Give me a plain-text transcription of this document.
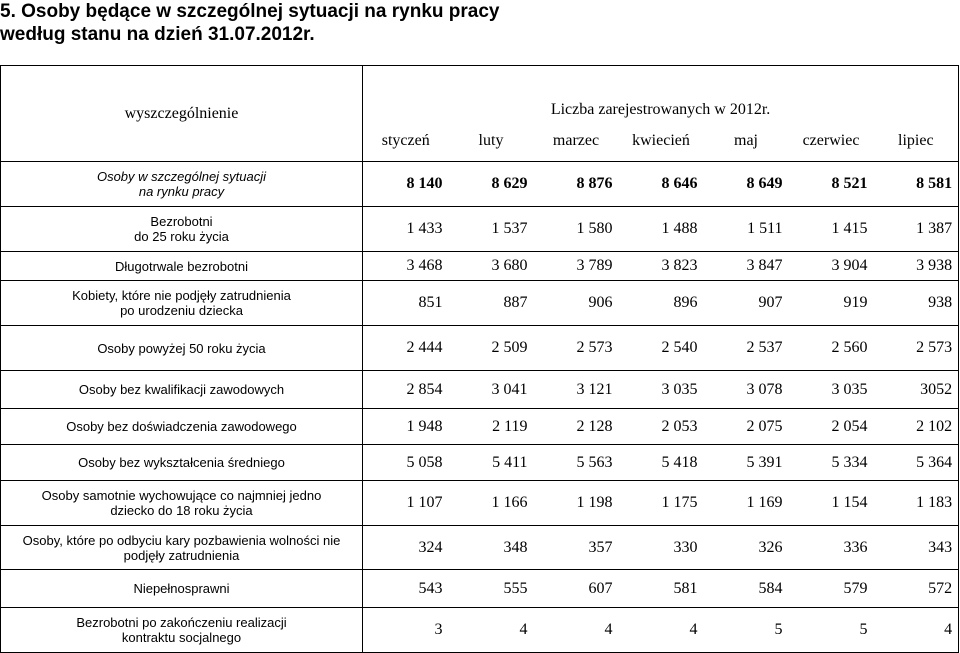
5. Osoby będące w szczególnej sytuacji na rynku pracy
według stanu na dzień 31.07.2012r.
wyszczególnienie	Liczba zarejestrowanych w 2012r.						
	styczeń	luty	marzec	kwiecień	maj	czerwiec	lipiec

Osoby w szczególnej sytuacji
na rynku pracy	8 140	8 629	8 876	8 646	8 649	8 521	8 581

Bezrobotni
do 25 roku życia	1 433	1 537	1 580	1 488	1 511	1 415	1 387

Długotrwale bezrobotni	3 468	3 680	3 789	3 823	3 847	3 904	3 938

Kobiety, które nie podjęły zatrudnienia
po urodzeniu dziecka	851	887	906	896	907	919	938

Osoby powyżej 50 roku życia	2 444	2 509	2 573	2 540	2 537	2 560	2 573

Osoby bez kwalifikacji zawodowych	2 854	3 041	3 121	3 035	3 078	3 035	3052

Osoby bez doświadczenia zawodowego	1 948	2 119	2 128	2 053	2 075	2 054	2 102

Osoby bez wykształcenia średniego	5 058	5 411	5 563	5 418	5 391	5 334	5 364

Osoby samotnie wychowujące co najmniej jedno
dziecko do 18 roku życia	1 107	1 166	1 198	1 175	1 169	1 154	1 183

Osoby, które po odbyciu kary pozbawienia wolności nie
podjęły zatrudnienia	324	348	357	330	326	336	343

Niepełnosprawni	543	555	607	581	584	579	572

Bezrobotni po zakończeniu realizacji
kontraktu socjalnego	3	4	4	4	5	5	4
